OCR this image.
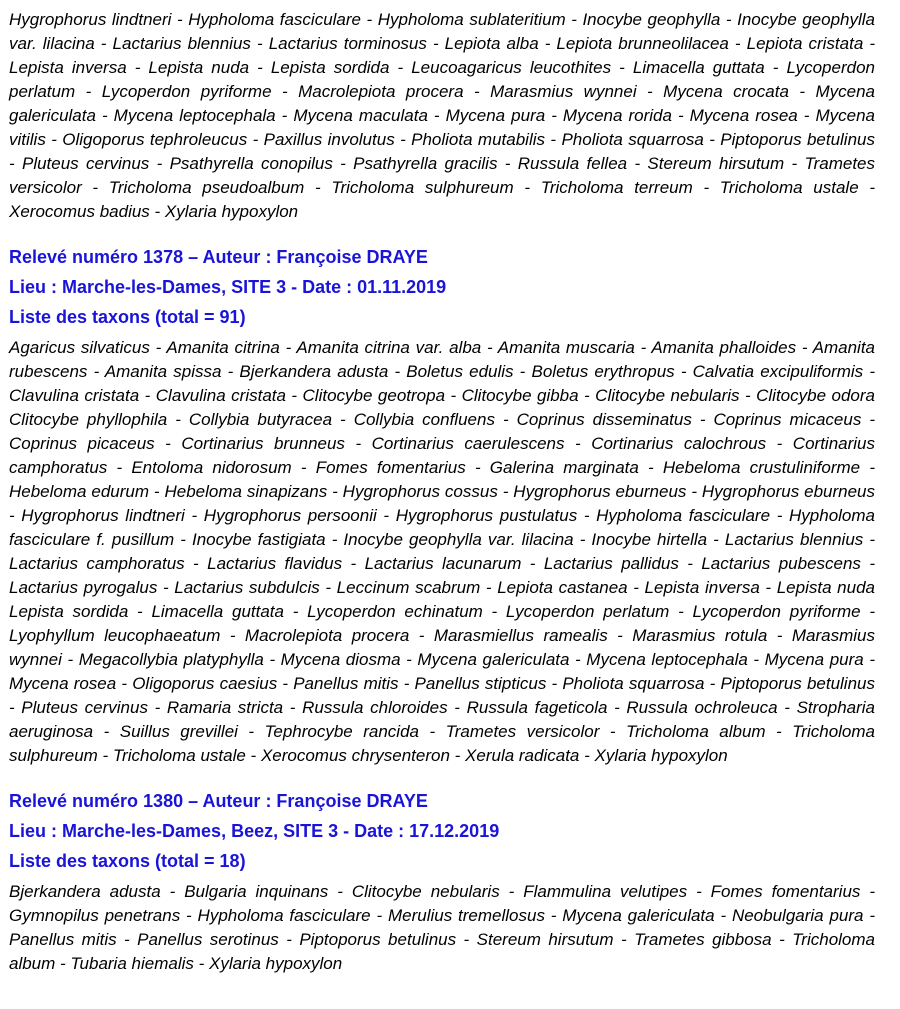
Hygrophorus lindtneri - Hypholoma fasciculare - Hypholoma sublateritium - Inocybe geophylla - Inocybe geophylla var. lilacina - Lactarius blennius - Lactarius torminosus - Lepiota alba - Lepiota brunneolilacea - Lepiota cristata - Lepista inversa - Lepista nuda - Lepista sordida - Leucoagaricus leucothites - Limacella guttata - Lycoperdon perlatum - Lycoperdon pyriforme - Macrolepiota procera - Marasmius wynnei - Mycena crocata - Mycena galericulata - Mycena leptocephala - Mycena maculata - Mycena pura - Mycena rorida - Mycena rosea - Mycena vitilis - Oligoporus tephroleucus - Paxillus involutus - Pholiota mutabilis - Pholiota squarrosa - Piptoporus betulinus - Pluteus cervinus - Psathyrella conopilus - Psathyrella gracilis - Russula fellea - Stereum hirsutum - Trametes versicolor - Tricholoma pseudoalbum - Tricholoma sulphureum - Tricholoma terreum - Tricholoma ustale - Xerocomus badius - Xylaria hypoxylon

Relevé numéro 1378 – Auteur : Françoise DRAYE

Lieu : Marche-les-Dames, SITE 3 - Date : 01.11.2019

Liste des taxons (total = 91)

Agaricus silvaticus - Amanita citrina - Amanita citrina var. alba - Amanita muscaria - Amanita phalloides - Amanita rubescens - Amanita spissa - Bjerkandera adusta - Boletus edulis - Boletus erythropus - Calvatia excipuliformis - Clavulina cristata - Clavulina cristata - Clitocybe geotropa - Clitocybe gibba - Clitocybe nebularis - Clitocybe odora Clitocybe phyllophila - Collybia butyracea - Collybia confluens - Coprinus disseminatus - Coprinus micaceus - Coprinus picaceus - Cortinarius brunneus - Cortinarius caerulescens - Cortinarius calochrous - Cortinarius camphoratus - Entoloma nidorosum - Fomes fomentarius - Galerina marginata - Hebeloma crustuliniforme - Hebeloma edurum - Hebeloma sinapizans - Hygrophorus cossus - Hygrophorus eburneus - Hygrophorus eburneus - Hygrophorus lindtneri - Hygrophorus persoonii - Hygrophorus pustulatus - Hypholoma fasciculare - Hypholoma fasciculare f. pusillum - Inocybe fastigiata - Inocybe geophylla var. lilacina - Inocybe hirtella - Lactarius blennius - Lactarius camphoratus - Lactarius flavidus - Lactarius lacunarum - Lactarius pallidus - Lactarius pubescens - Lactarius pyrogalus - Lactarius subdulcis - Leccinum scabrum - Lepiota castanea - Lepista inversa - Lepista nuda Lepista sordida - Limacella guttata - Lycoperdon echinatum - Lycoperdon perlatum - Lycoperdon pyriforme - Lyophyllum leucophaeatum - Macrolepiota procera - Marasmiellus ramealis - Marasmius rotula - Marasmius wynnei - Megacollybia platyphylla - Mycena diosma - Mycena galericulata - Mycena leptocephala - Mycena pura - Mycena rosea - Oligoporus caesius - Panellus mitis - Panellus stipticus - Pholiota squarrosa - Piptoporus betulinus - Pluteus cervinus - Ramaria stricta - Russula chloroides - Russula fageticola - Russula ochroleuca - Stropharia aeruginosa - Suillus grevillei - Tephrocybe rancida - Trametes versicolor - Tricholoma album - Tricholoma sulphureum - Tricholoma ustale - Xerocomus chrysenteron - Xerula radicata - Xylaria hypoxylon

Relevé numéro 1380 – Auteur : Françoise DRAYE

Lieu : Marche-les-Dames, Beez, SITE 3 - Date : 17.12.2019

Liste des taxons (total = 18)

Bjerkandera adusta - Bulgaria inquinans - Clitocybe nebularis - Flammulina velutipes - Fomes fomentarius - Gymnopilus penetrans - Hypholoma fasciculare - Merulius tremellosus - Mycena galericulata - Neobulgaria pura - Panellus mitis - Panellus serotinus - Piptoporus betulinus - Stereum hirsutum - Trametes gibbosa - Tricholoma album - Tubaria hiemalis - Xylaria hypoxylon
